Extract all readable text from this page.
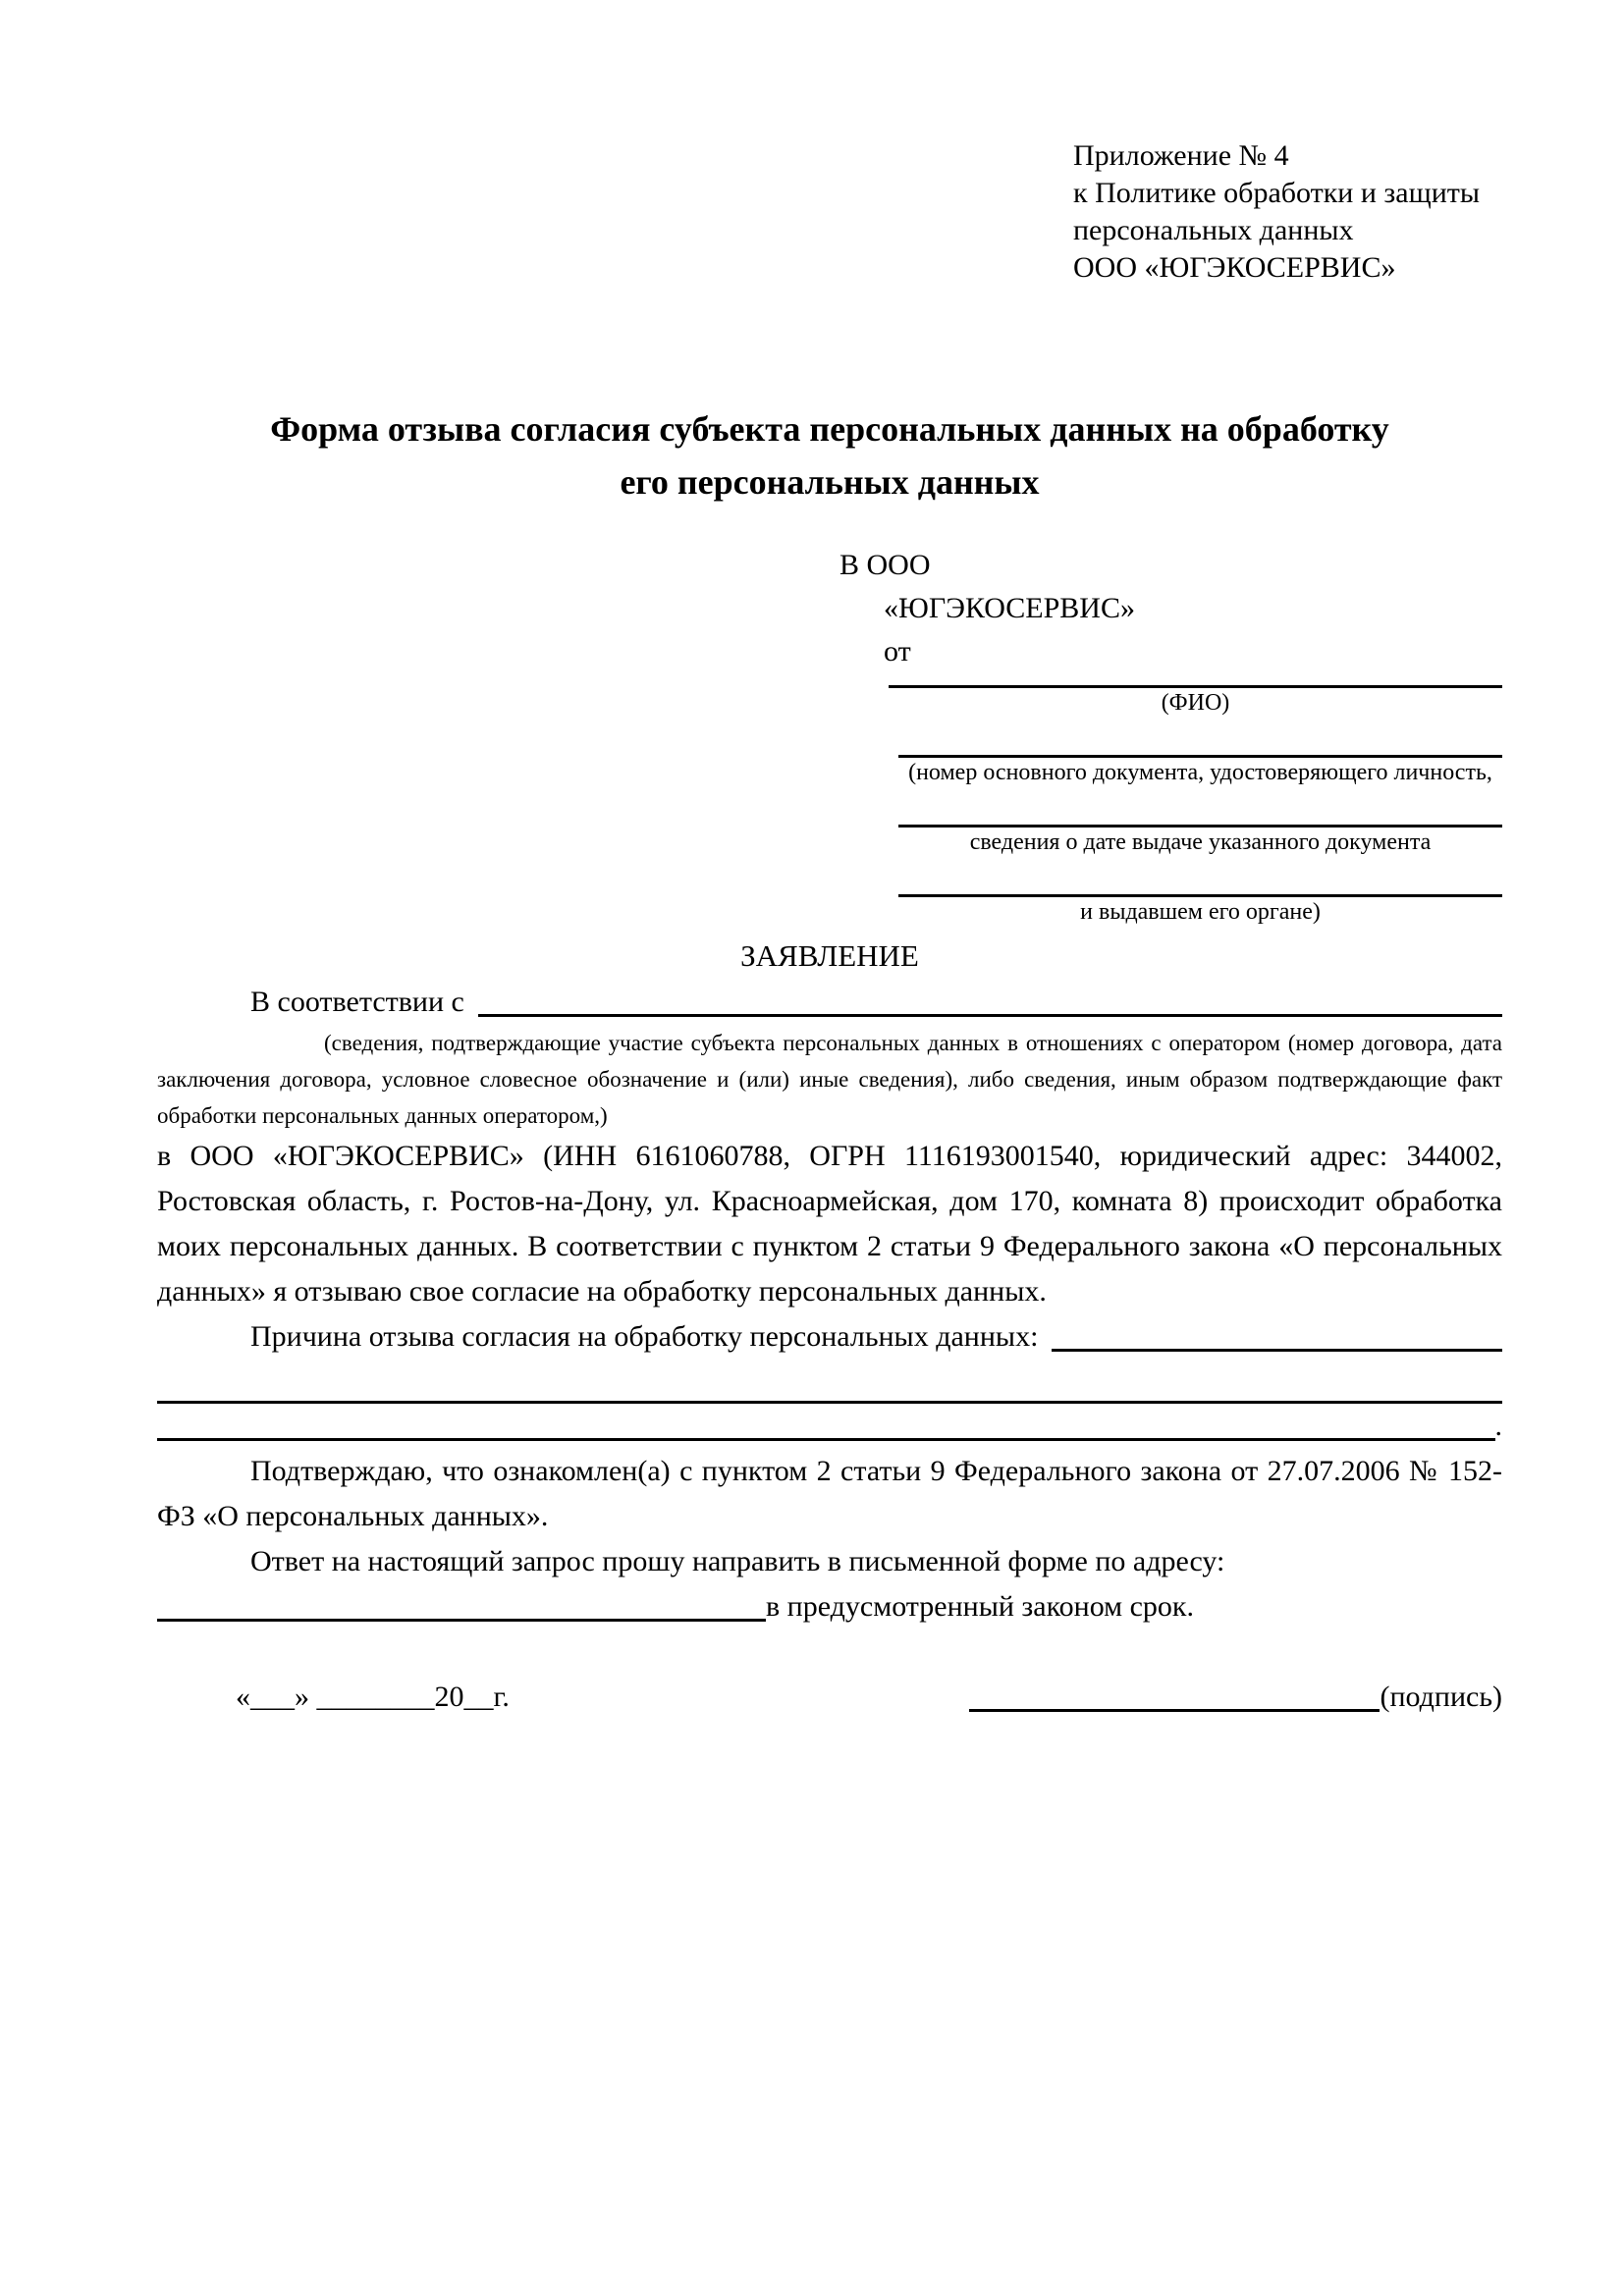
Приложение № 4
к Политике обработки и защиты
персональных данных
ООО «ЮГЭКОСЕРВИС»
Форма отзыва согласия субъекта персональных данных на обработку
его персональных данных
В ООО
«ЮГЭКОСЕРВИС»
от
(ФИО)
(номер основного документа, удостоверяющего личность,
сведения о дате выдаче указанного документа
и выдавшем его органе)
ЗАЯВЛЕНИЕ
В соответствии с
(сведения, подтверждающие участие субъекта персональных данных в отношениях с оператором (номер договора, дата заключения договора, условное словесное обозначение и (или) иные сведения), либо сведения, иным образом подтверждающие факт обработки персональных данных оператором,)
в ООО «ЮГЭКОСЕРВИС» (ИНН 6161060788, ОГРН 1116193001540, юридический адрес: 344002, Ростовская область, г. Ростов-на-Дону, ул. Красноармейская, дом 170, комната 8) происходит обработка моих персональных данных. В соответствии с пунктом 2 статьи 9 Федерального закона «О персональных данных» я отзываю свое согласие на обработку персональных данных.
Причина отзыва согласия на обработку персональных данных:
.
Подтверждаю, что ознакомлен(а) с пунктом 2 статьи 9 Федерального закона от 27.07.2006 № 152-ФЗ «О персональных данных».
Ответ на настоящий запрос прошу направить в письменной форме по адресу:
в предусмотренный законом срок.
«___» ________20__г.	(подпись)
